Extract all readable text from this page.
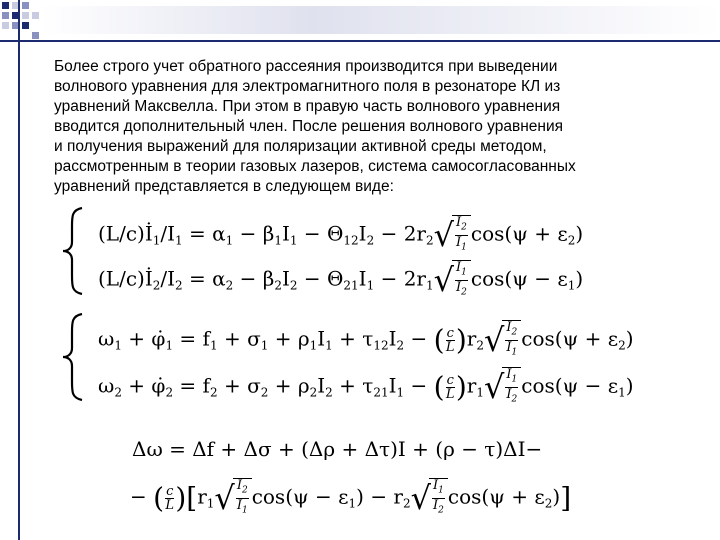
Более строго учет обратного рассеяния производится при выведении
волнового уравнения для электромагнитного поля в резонаторе КЛ из
уравнений Максвелла. При этом в правую часть волнового уравнения
вводится дополнительный член. После решения волнового уравнения
и получения выражений для поляризации активной среды методом,
рассмотренным в теории газовых лазеров, система самосогласованных
уравнений представляется в следующем виде:
$(L/c)İ_1/I_1 = \alpha_1 - \beta_1I_1 - \Theta_{12}I_2 - 2r_2√ \frac{I_2}{I_1} \cos(\psi + \varepsilon_2)$
$(L/c)İ_2/I_2 = \alpha_2 - \beta_2I_2 - \Theta_{21}I_1 - 2r_1√ \frac{I_1}{I_2} \cos(\psi - \varepsilon_1)$
$\omega_1$ + $\varphi̇_1 = f_1 + \sigma_1 + \rho_1I_1 + \tau_{12}I_2$ − ( $\frac{c}{L} )r_2√ \frac{I_2}{I_1} \cos(\psi + \varepsilon_2)$
$\omega_2$ + $\varphi̇_2 = f_2 + \sigma_2 + \rho_2I_2 + \tau_{21}I_1$ − ( $\frac{c}{L} )r_1√ \frac{I_1}{I_2} \cos(\psi - \varepsilon_1)$
Δω = Δf + Δσ + (Δρ + Δτ)I + (ρ − τ)ΔI−
− ( $\frac{c}{L} )[r_1√ \frac{I_2}{I_1} \cos(\psi - \varepsilon_1) - r_2√ \frac{I_1}{I_2} \cos(\psi + \varepsilon_2)]$
